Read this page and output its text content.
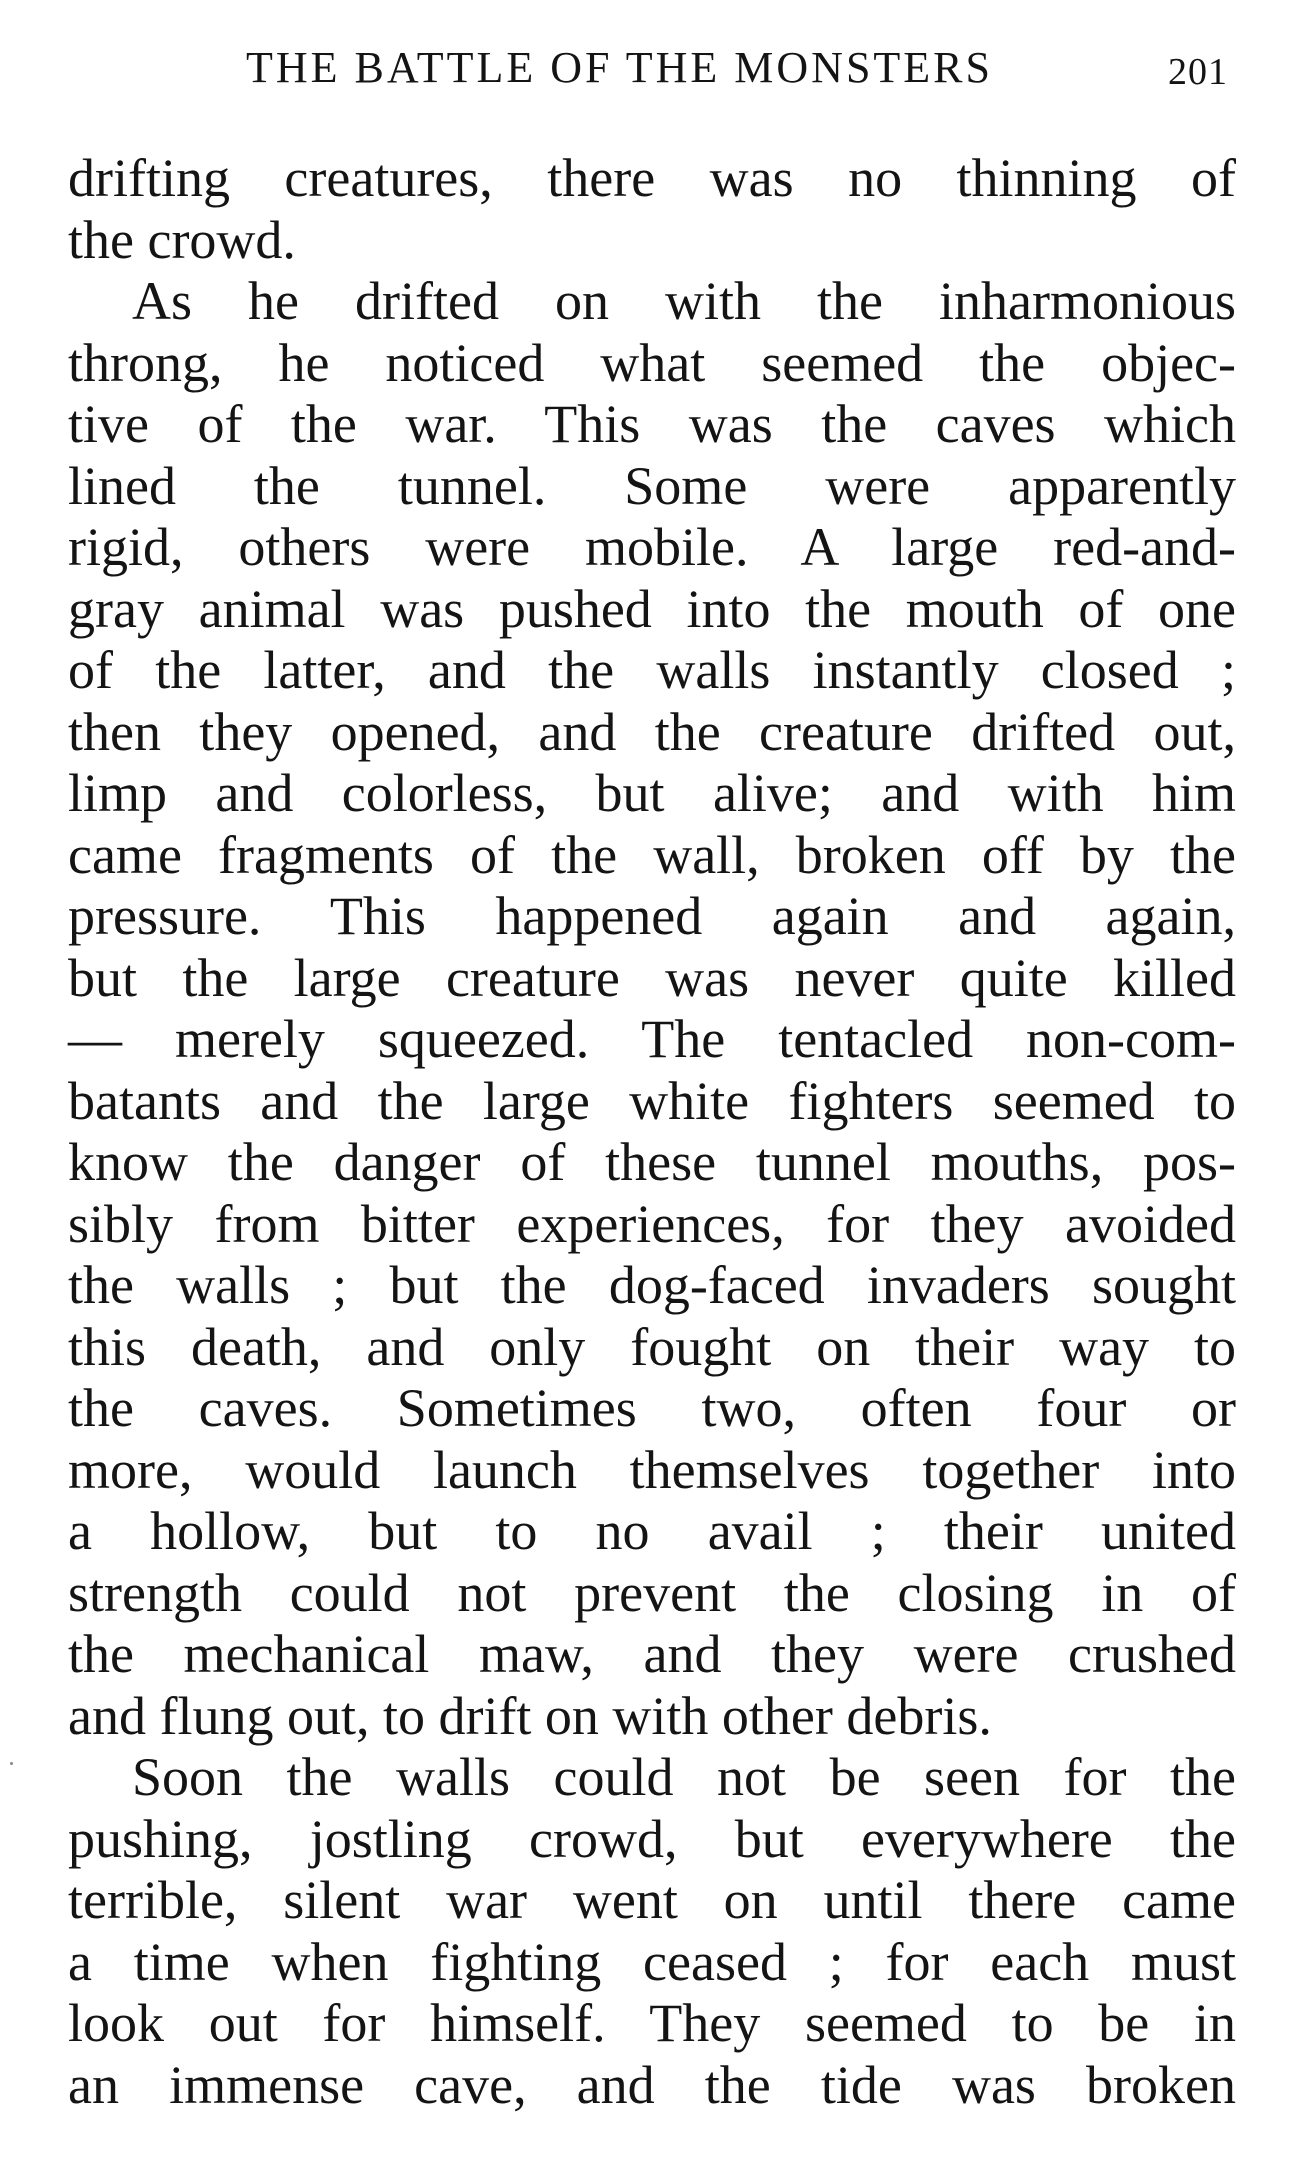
THE BATTLE OF THE MONSTERS	201
drifting creatures, there was no thinning of
the crowd.
As he drifted on with the inharmonious
throng, he noticed what seemed the objec-
tive of the war. This was the caves which
lined the tunnel. Some were apparently
rigid, others were mobile. A large red-and-
gray animal was pushed into the mouth of one
of the latter, and the walls instantly closed ;
then they opened, and the creature drifted out,
limp and colorless, but alive; and with him
came fragments of the wall, broken off by the
pressure. This happened again and again,
but the large creature was never quite killed
— merely squeezed. The tentacled non-com-
batants and the large white fighters seemed to
know the danger of these tunnel mouths, pos-
sibly from bitter experiences, for they avoided
the walls ; but the dog-faced invaders sought
this death, and only fought on their way to
the caves. Sometimes two, often four or
more, would launch themselves together into
a hollow, but to no avail ; their united
strength could not prevent the closing in of
the mechanical maw, and they were crushed
and flung out, to drift on with other debris.
Soon the walls could not be seen for the
pushing, jostling crowd, but everywhere the
terrible, silent war went on until there came
a time when fighting ceased ; for each must
look out for himself. They seemed to be in
an immense cave, and the tide was broken
